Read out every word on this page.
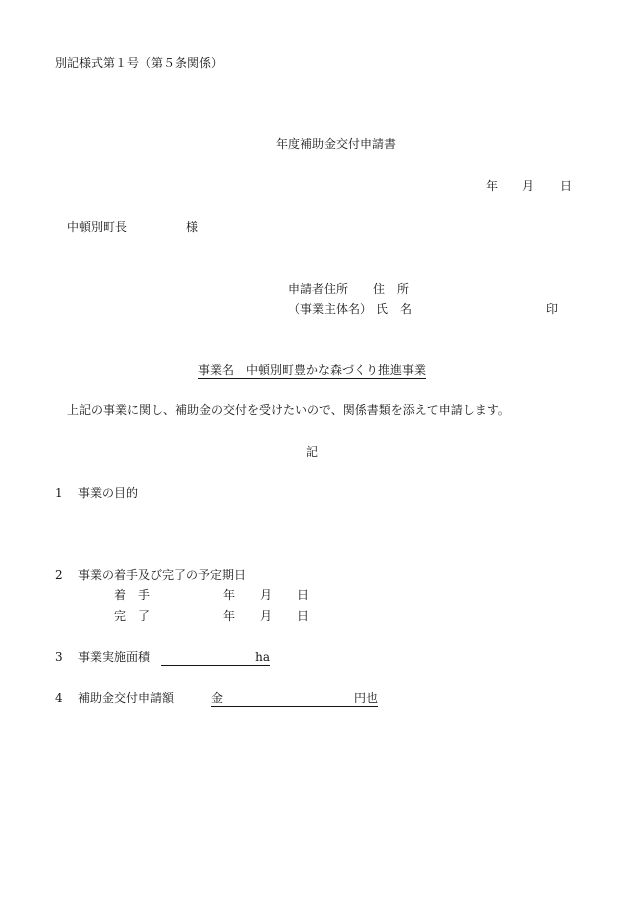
別記様式第１号（第５条関係）
年度補助金交付申請書
年 月 日
中頓別町長	様
申請者住所 住　所
（事業主体名） 氏　名	印
事業名　 中頓別町豊かな森づくり推進事業
上記の事業に関し、補助金の交付を受けたいので、関係書類を添えて申請します。
記
1 事業の目的
2 事業の着手及び完了の予定期日
着　手	年 月 日
完　了	年 月 日
3 事業実施面積	ha
4 補助金交付申請額	金	円也
